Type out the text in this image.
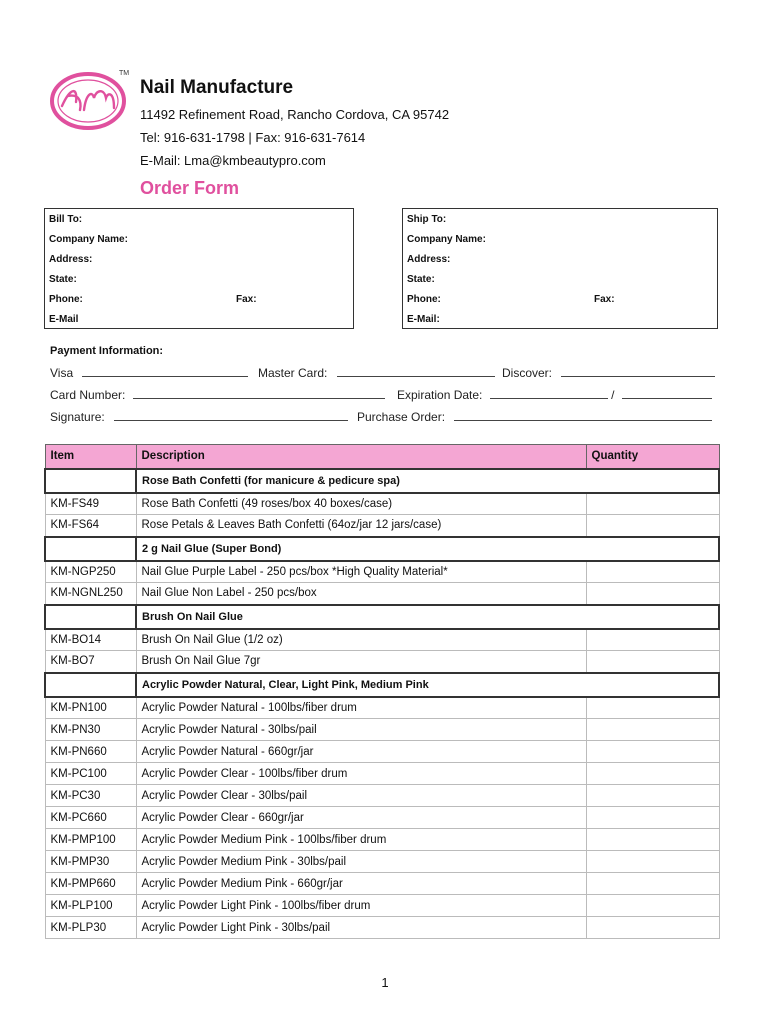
TM
Nail Manufacture
11492 Refinement Road, Rancho Cordova, CA 95742
Tel: 916-631-1798 | Fax: 916-631-7614
E-Mail: Lma@kmbeautypro.com
Order Form
Bill To:
Company Name:
Address:
State:
Phone:	Fax:
E-Mail
Ship To:
Company Name:
Address:
State:
Phone:	Fax:
E-Mail:
Payment Information:
Visa	Master Card:	Discover:
Card Number:	Expiration Date:	/
Signature:	Purchase Order:
Item	Description	Quantity
	Rose Bath Confetti (for manicure & pedicure spa)	
KM-FS49	Rose Bath Confetti (49 roses/box 40 boxes/case)	
KM-FS64	Rose Petals & Leaves Bath Confetti (64oz/jar 12 jars/case)	
	2 g Nail Glue (Super Bond)	
KM-NGP250	Nail Glue Purple Label - 250 pcs/box *High Quality Material*	
KM-NGNL250	Nail Glue Non Label - 250 pcs/box	
	Brush On Nail Glue	
KM-BO14	Brush On Nail Glue (1/2 oz)	
KM-BO7	Brush On Nail Glue 7gr	
	Acrylic Powder Natural, Clear, Light Pink, Medium Pink	
KM-PN100	Acrylic Powder Natural - 100lbs/fiber drum	
KM-PN30	Acrylic Powder Natural - 30lbs/pail	
KM-PN660	Acrylic Powder Natural - 660gr/jar	
KM-PC100	Acrylic Powder Clear - 100lbs/fiber drum	
KM-PC30	Acrylic Powder Clear - 30lbs/pail	
KM-PC660	Acrylic Powder Clear - 660gr/jar	
KM-PMP100	Acrylic Powder Medium Pink - 100lbs/fiber drum	
KM-PMP30	Acrylic Powder Medium Pink - 30lbs/pail	
KM-PMP660	Acrylic Powder Medium Pink - 660gr/jar	
KM-PLP100	Acrylic Powder Light Pink - 100lbs/fiber drum	
KM-PLP30	Acrylic Powder Light Pink - 30lbs/pail	
1
